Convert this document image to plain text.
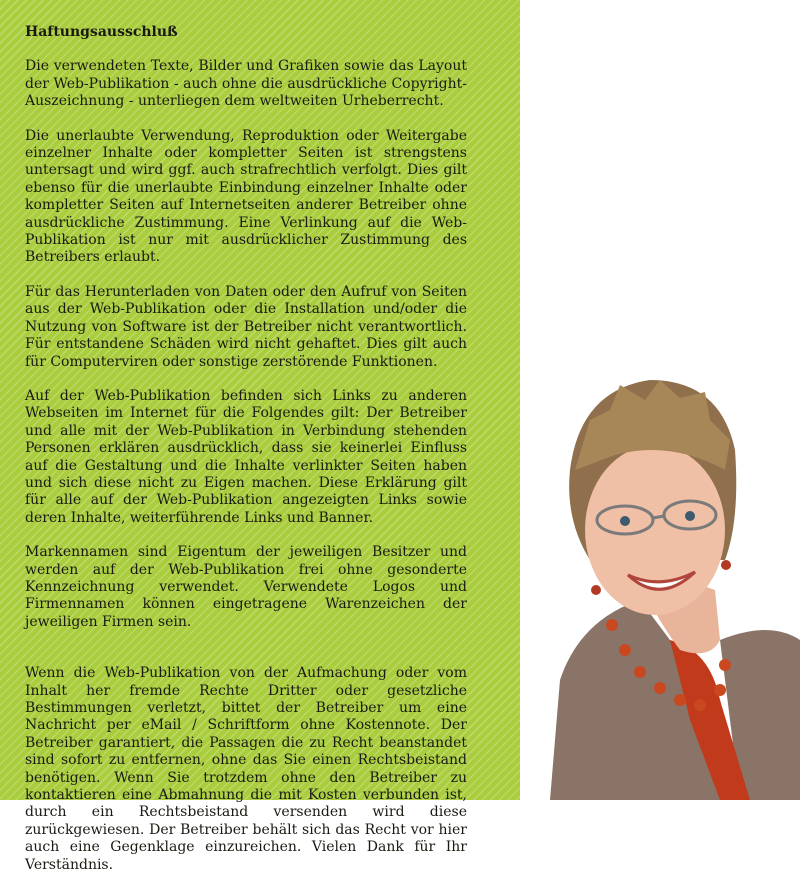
Haftungsausschluß

Die verwendeten Texte, Bilder und Grafiken sowie das Layout der Web-Publikation - auch ohne die ausdrückliche Copyright-Auszeichnung - unterliegen dem weltweiten Urheberrecht.

Die unerlaubte Verwendung, Reproduktion oder Weitergabe einzelner Inhalte oder kompletter Seiten ist strengstens untersagt und wird ggf. auch strafrechtlich verfolgt. Dies gilt ebenso für die unerlaubte Einbindung einzelner Inhalte oder kompletter Seiten auf Internetseiten anderer Betreiber ohne ausdrückliche Zustimmung. Eine Verlinkung auf die Web-Publikation ist nur mit ausdrücklicher Zustimmung des Betreibers erlaubt.

Für das Herunterladen von Daten oder den Aufruf von Seiten aus der Web-Publikation oder die Installation und/oder die Nutzung von Software ist der Betreiber nicht verantwortlich. Für entstandene Schäden wird nicht gehaftet. Dies gilt auch für Computerviren oder sonstige zerstörende Funktionen.

Auf der Web-Publikation befinden sich Links zu anderen Webseiten im Internet für die Folgendes gilt: Der Betreiber und alle mit der Web-Publikation in Verbindung stehenden Personen erklären ausdrücklich, dass sie keinerlei Einfluss auf die Gestaltung und die Inhalte verlinkter Seiten haben und sich diese nicht zu Eigen machen. Diese Erklärung gilt für alle auf der Web-Publikation angezeigten Links sowie deren Inhalte, weiterführende Links und Banner.

Markennamen sind Eigentum der jeweiligen Besitzer und werden auf der Web-Publikation frei ohne gesonderte Kennzeichnung verwendet. Verwendete Logos und Firmennamen können eingetragene Warenzeichen der jeweiligen Firmen sein.

Wenn die Web-Publikation von der Aufmachung oder vom Inhalt her fremde Rechte Dritter oder gesetzliche Bestimmungen verletzt, bittet der Betreiber um eine Nachricht per eMail / Schriftform ohne Kostennote. Der Betreiber garantiert, die Passagen die zu Recht beanstandet sind sofort zu entfernen, ohne das Sie einen Rechtsbeistand benötigen. Wenn Sie trotzdem ohne den Betreiber zu kontaktieren eine Abmahnung die mit Kosten verbunden ist, durch ein Rechtsbeistand versenden wird diese zurückgewiesen. Der Betreiber behält sich das Recht vor hier auch eine Gegenklage einzureichen. Vielen Dank für Ihr Verständnis.
